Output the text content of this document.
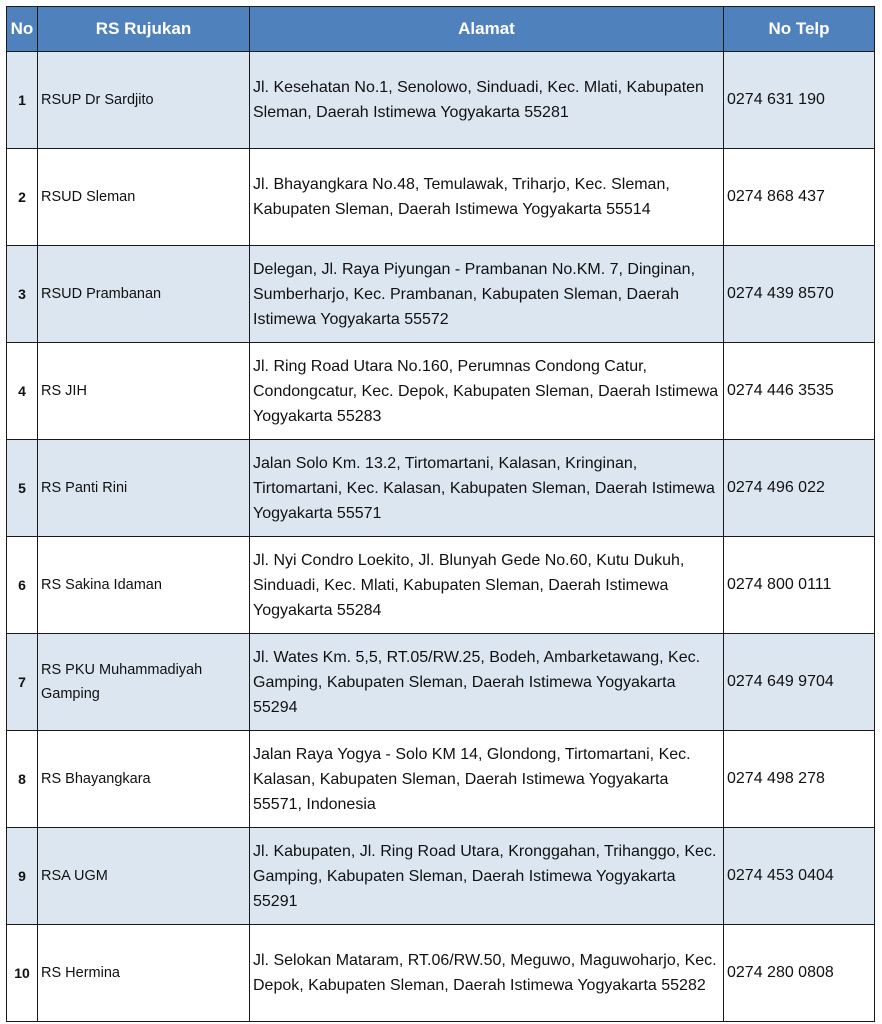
No	RS Rujukan	Alamat	No Telp
1	RSUP Dr Sardjito	Jl. Kesehatan No.1, Senolowo, Sinduadi, Kec. Mlati, Kabupaten Sleman, Daerah Istimewa Yogyakarta 55281	0274 631 190
2	RSUD Sleman	Jl. Bhayangkara No.48, Temulawak, Triharjo, Kec. Sleman, Kabupaten Sleman, Daerah Istimewa Yogyakarta 55514	0274 868 437
3	RSUD Prambanan	Delegan, Jl. Raya Piyungan - Prambanan No.KM. 7, Dinginan, Sumberharjo, Kec. Prambanan, Kabupaten Sleman, Daerah Istimewa Yogyakarta 55572	0274 439 8570
4	RS JIH	Jl. Ring Road Utara No.160, Perumnas Condong Catur, Condongcatur, Kec. Depok, Kabupaten Sleman, Daerah Istimewa Yogyakarta 55283	0274 446 3535
5	RS Panti Rini	Jalan Solo Km. 13.2, Tirtomartani, Kalasan, Kringinan, Tirtomartani, Kec. Kalasan, Kabupaten Sleman, Daerah Istimewa Yogyakarta 55571	0274 496 022
6	RS Sakina Idaman	Jl. Nyi Condro Loekito, Jl. Blunyah Gede No.60, Kutu Dukuh, Sinduadi, Kec. Mlati, Kabupaten Sleman, Daerah Istimewa Yogyakarta 55284	0274 800 0111
7	RS PKU Muhammadiyah Gamping	Jl. Wates Km. 5,5, RT.05/RW.25, Bodeh, Ambarketawang, Kec. Gamping, Kabupaten Sleman, Daerah Istimewa Yogyakarta 55294	0274 649 9704
8	RS Bhayangkara	Jalan Raya Yogya - Solo KM 14, Glondong, Tirtomartani, Kec. Kalasan, Kabupaten Sleman, Daerah Istimewa Yogyakarta 55571, Indonesia	0274 498 278
9	RSA UGM	Jl. Kabupaten, Jl. Ring Road Utara, Kronggahan, Trihanggo, Kec. Gamping, Kabupaten Sleman, Daerah Istimewa Yogyakarta 55291	0274 453 0404
10	RS Hermina	Jl. Selokan Mataram, RT.06/RW.50, Meguwo, Maguwoharjo, Kec. Depok, Kabupaten Sleman, Daerah Istimewa Yogyakarta 55282	0274 280 0808
